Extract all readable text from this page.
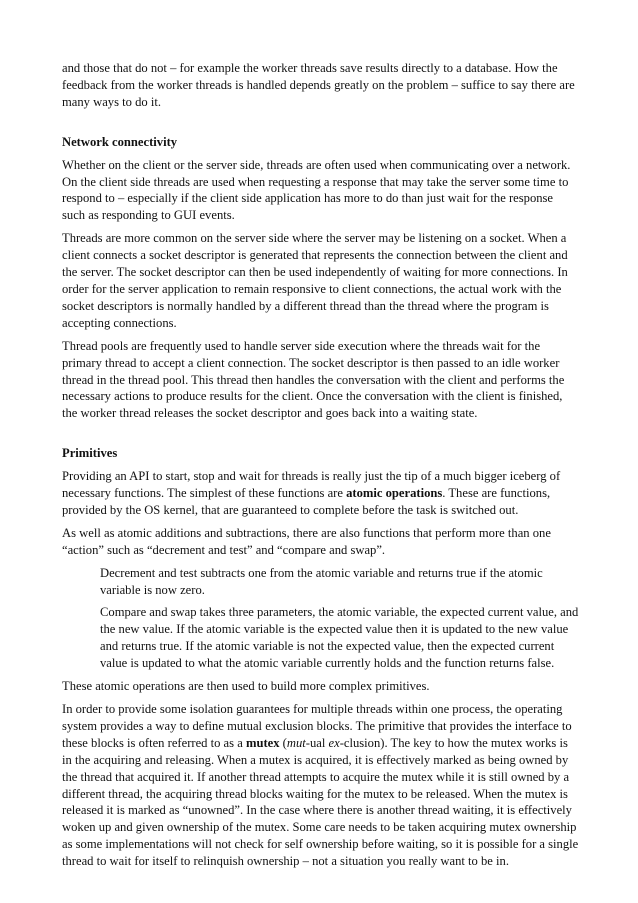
and those that do not – for example the worker threads save results directly to a database. How the feedback from the worker threads is handled depends greatly on the problem – suffice to say there are many ways to do it.

Network connectivity

Whether on the client or the server side, threads are often used when communicating over a network. On the client side threads are used when requesting a response that may take the server some time to respond to – especially if the client side application has more to do than just wait for the response such as responding to GUI events.

Threads are more common on the server side where the server may be listening on a socket. When a client connects a socket descriptor is generated that represents the connection between the client and the server. The socket descriptor can then be used independently of waiting for more connections. In order for the server application to remain responsive to client connections, the actual work with the socket descriptors is normally handled by a different thread than the thread where the program is accepting connections.

Thread pools are frequently used to handle server side execution where the threads wait for the primary thread to accept a client connection. The socket descriptor is then passed to an idle worker thread in the thread pool. This thread then handles the conversation with the client and performs the necessary actions to produce results for the client. Once the conversation with the client is finished, the worker thread releases the socket descriptor and goes back into a waiting state.

Primitives

Providing an API to start, stop and wait for threads is really just the tip of a much bigger iceberg of necessary functions. The simplest of these functions are atomic operations. These are functions, provided by the OS kernel, that are guaranteed to complete before the task is switched out.

As well as atomic additions and subtractions, there are also functions that perform more than one “action” such as “decrement and test” and “compare and swap”.

Decrement and test subtracts one from the atomic variable and returns true if the atomic variable is now zero.

Compare and swap takes three parameters, the atomic variable, the expected current value, and the new value. If the atomic variable is the expected value then it is updated to the new value and returns true. If the atomic variable is not the expected value, then the expected current value is updated to what the atomic variable currently holds and the function returns false.

These atomic operations are then used to build more complex primitives.

In order to provide some isolation guarantees for multiple threads within one process, the operating system provides a way to define mutual exclusion blocks. The primitive that provides the interface to these blocks is often referred to as a mutex (mut-ual ex-clusion). The key to how the mutex works is in the acquiring and releasing. When a mutex is acquired, it is effectively marked as being owned by the thread that acquired it. If another thread attempts to acquire the mutex while it is still owned by a different thread, the acquiring thread blocks waiting for the mutex to be released. When the mutex is released it is marked as “unowned”. In the case where there is another thread waiting, it is effectively woken up and given ownership of the mutex. Some care needs to be taken acquiring mutex ownership as some implementations will not check for self ownership before waiting, so it is possible for a single thread to wait for itself to relinquish ownership – not a situation you really want to be in.
